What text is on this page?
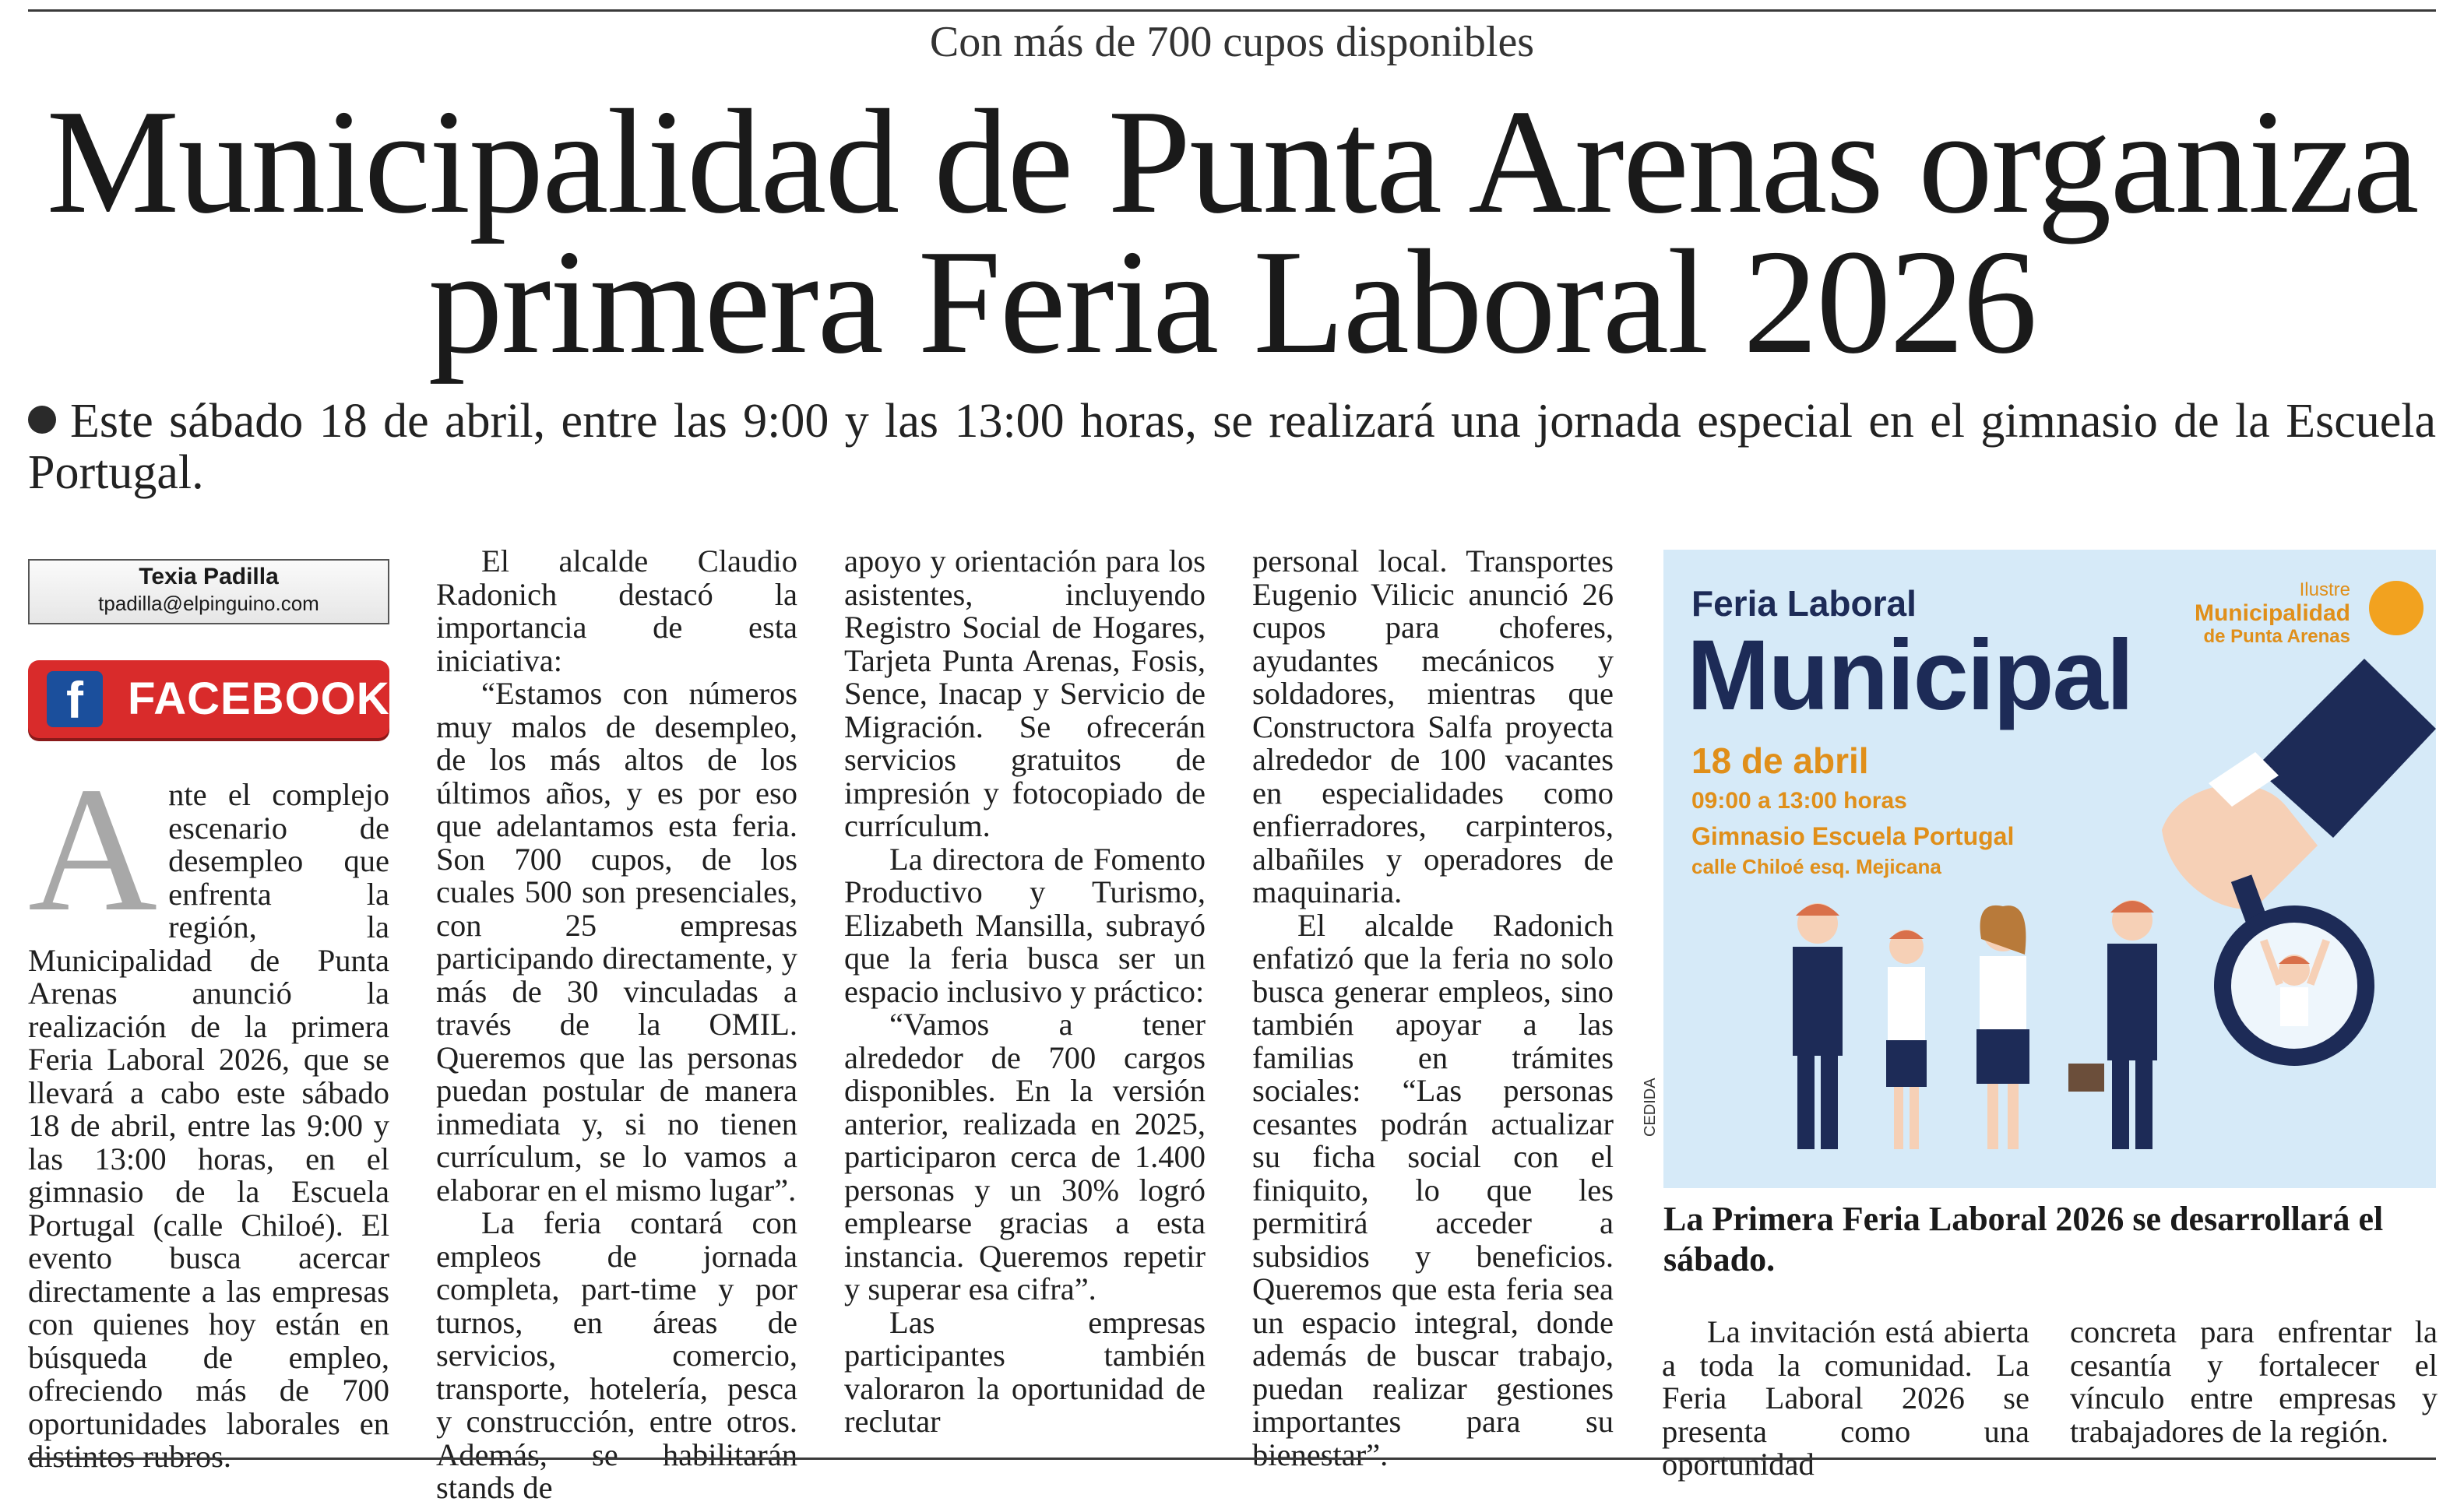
Con más de 700 cupos disponibles
Municipalidad de Punta Arenas organiza primera Feria Laboral 2026
Este sábado 18 de abril, entre las 9:00 y las 13:00 horas, se realizará una jornada especial en el gimnasio de la Escuela Portugal.
Texia Padilla
tpadilla@elpinguino.com
f FACEBOOK
A nte el complejo escenario de desempleo que enfrenta la región, la Municipalidad de Punta Arenas anunció la realización de la primera Feria Laboral 2026, que se llevará a cabo este sábado 18 de abril, entre las 9:00 y las 13:00 horas, en el gimnasio de la Escuela Portugal (calle Chiloé). El evento busca acercar directamente a las empresas con quienes hoy están en búsqueda de empleo, ofreciendo más de 700 oportunidades laborales en distintos rubros.

El alcalde Claudio Radonich destacó la importancia de esta iniciativa:

“Estamos con números muy malos de desempleo, de los más altos de los últimos años, y es por eso que adelantamos esta feria. Son 700 cupos, de los cuales 500 son presenciales, con 25 empresas participando directamente, y más de 30 vinculadas a través de la OMIL. Queremos que las personas puedan postular de manera inmediata y, si no tienen currículum, se lo vamos a elaborar en el mismo lugar”.

La feria contará con empleos de jornada completa, part-time y por turnos, en áreas de servicios, comercio, transporte, hotelería, pesca y construcción, entre otros. Además, se habilitarán stands de

apoyo y orientación para los asistentes, incluyendo Registro Social de Hogares, Tarjeta Punta Arenas, Fosis, Sence, Inacap y Servicio de Migración. Se ofrecerán servicios gratuitos de impresión y fotocopiado de currículum.

La directora de Fomento Productivo y Turismo, Elizabeth Mansilla, subrayó que la feria busca ser un espacio inclusivo y práctico:

“Vamos a tener alrededor de 700 cargos disponibles. En la versión anterior, realizada en 2025, participaron cerca de 1.400 personas y un 30% logró emplearse gracias a esta instancia. Queremos repetir y superar esa cifra”.

Las empresas participantes también valoraron la oportunidad de reclutar

personal local. Transportes Eugenio Vilicic anunció 26 cupos para choferes, ayudantes mecánicos y soldadores, mientras que Constructora Salfa proyecta alrededor de 100 vacantes en especialidades como enfierradores, carpinteros, albañiles y operadores de maquinaria.

El alcalde Radonich enfatizó que la feria no solo busca generar empleos, sino también apoyar a las familias en trámites sociales: “Las personas cesantes podrán actualizar su ficha social con el finiquito, lo que les permitirá acceder a subsidios y beneficios. Queremos que esta feria sea un espacio integral, donde además de buscar trabajo, puedan realizar gestiones importantes para su bienestar”.

Feria Laboral
Municipal
18 de abril
09:00 a 13:00 horas
Gimnasio Escuela Portugal
calle Chiloé esq. Mejicana
Ilustre
Municipalidad
de Punta Arenas
CEDIDA
La Primera Feria Laboral 2026 se desarrollará el sábado.

La invitación está abierta a toda la comunidad. La Feria Laboral 2026 se presenta como una oportunidad

concreta para enfrentar la cesantía y fortalecer el vínculo entre empresas y trabajadores de la región.
